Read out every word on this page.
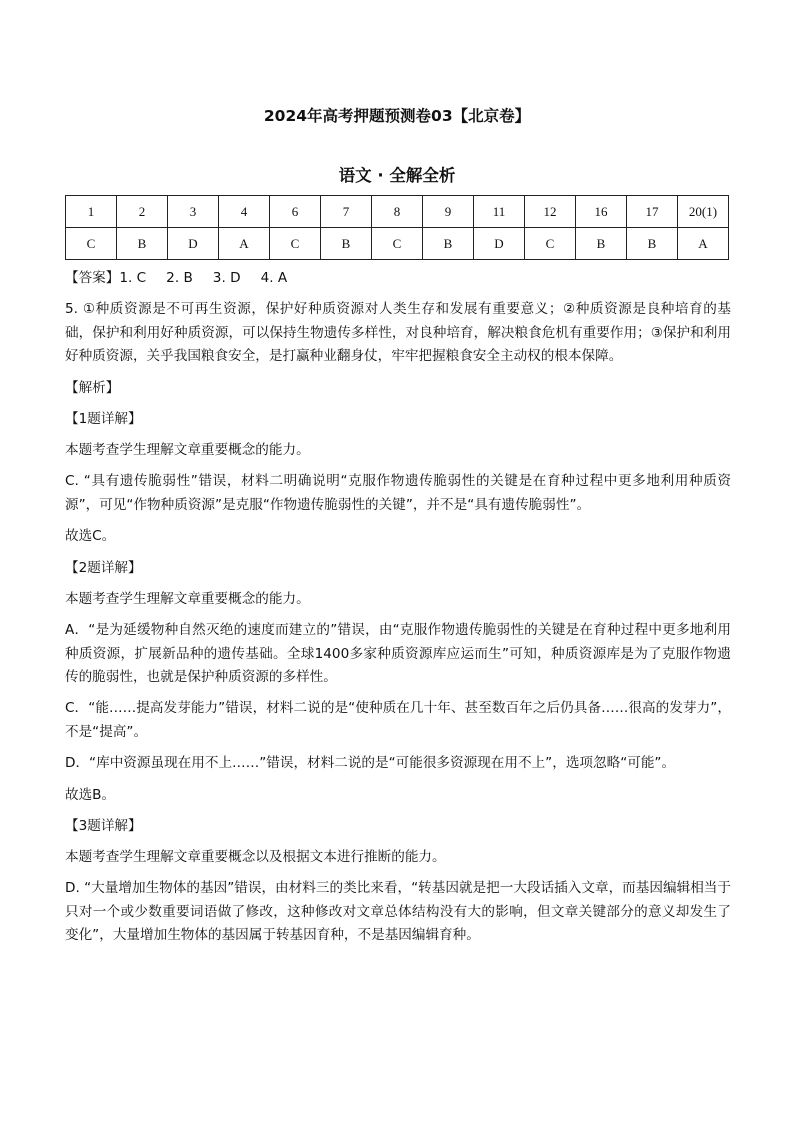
2024年高考押题预测卷03【北京卷】
语文 · 全解全析
1	2	3	4	6	7	8	9	11	12	16	17	20(1)
C	B	D	A	C	B	C	B	D	C	B	B	A

【答案】1. C 2. B 3. D 4. A

5. ①种质资源是不可再生资源，保护好种质资源对人类生存和发展有重要意义；②种质资源是良种培育的基础，保护和利用好种质资源，可以保持生物遗传多样性，对良种培育，解决粮食危机有重要作用；③保护和利用好种质资源，关乎我国粮食安全，是打赢种业翻身仗，牢牢把握粮食安全主动权的根本保障。

【解析】

【1题详解】

本题考查学生理解文章重要概念的能力。

C. “具有遗传脆弱性”错误，材料二明确说明“克服作物遗传脆弱性的关键是在育种过程中更多地利用种质资源”，可见“作物种质资源”是克服“作物遗传脆弱性的关键”，并不是“具有遗传脆弱性”。

故选C。

【2题详解】

本题考查学生理解文章重要概念的能力。

A．“是为延缓物种自然灭绝的速度而建立的”错误，由“克服作物遗传脆弱性的关键是在育种过程中更多地利用种质资源，扩展新品种的遗传基础。全球1400多家种质资源库应运而生”可知，种质资源库是为了克服作物遗传的脆弱性，也就是保护种质资源的多样性。

C．“能……提高发芽能力”错误，材料二说的是“使种质在几十年、甚至数百年之后仍具备……很高的发芽力”，不是“提高”。

D．“库中资源虽现在用不上……”错误，材料二说的是“可能很多资源现在用不上”，选项忽略“可能”。

故选B。

【3题详解】

本题考查学生理解文章重要概念以及根据文本进行推断的能力。

D. “大量增加生物体的基因”错误，由材料三的类比来看，“转基因就是把一大段话插入文章，而基因编辑相当于只对一个或少数重要词语做了修改，这种修改对文章总体结构没有大的影响，但文章关键部分的意义却发生了变化”，大量增加生物体的基因属于转基因育种，不是基因编辑育种。
